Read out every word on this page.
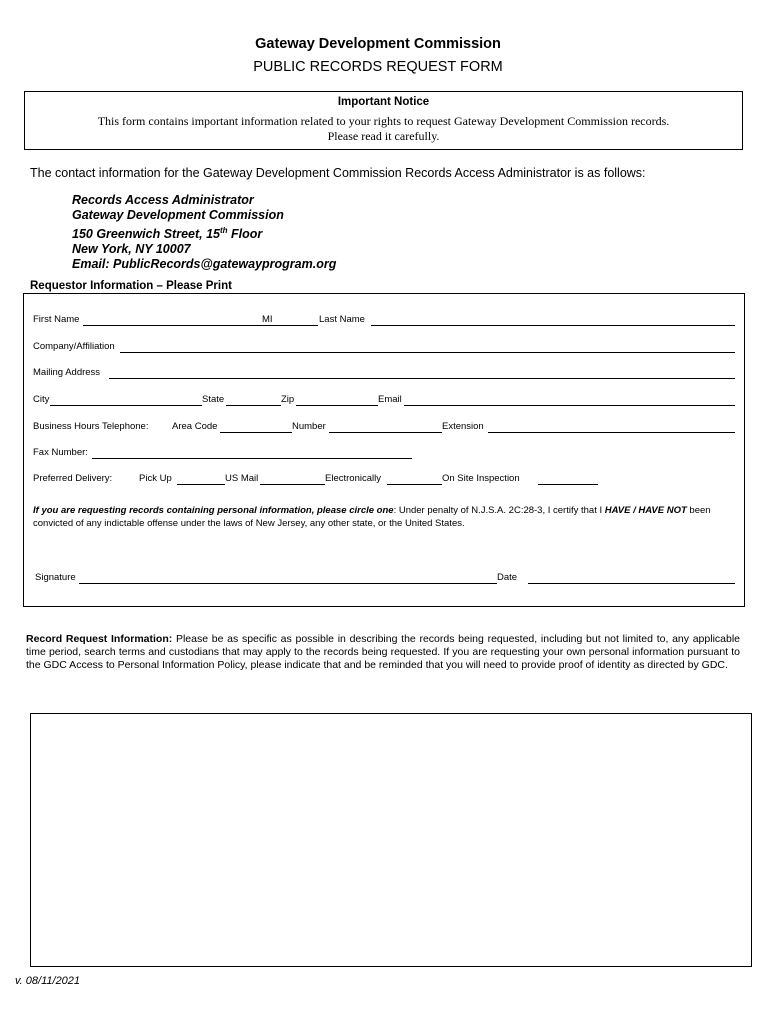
Gateway Development Commission
PUBLIC RECORDS REQUEST FORM
Important Notice
This form contains important information related to your rights to request Gateway Development Commission records.
Please read it carefully.
The contact information for the Gateway Development Commission Records Access Administrator is as follows:
Records Access Administrator
Gateway Development Commission
150 Greenwich Street, 15th Floor
New York, NY 10007
Email: PublicRecords@gatewayprogram.org
Requestor Information – Please Print
First Name	MI	Last Name
Company/Affiliation
Mailing Address
City	State	Zip	Email
Business Hours Telephone: Area Code	Number	Extension
Fax Number:
Preferred Delivery:	Pick Up	US Mail	Electronically	On Site Inspection
If you are requesting records containing personal information, please circle one: Under penalty of N.J.S.A. 2C:28-3, I certify that I HAVE / HAVE NOT been convicted of any indictable offense under the laws of New Jersey, any other state, or the United States.
Signature	Date
Record Request Information: Please be as specific as possible in describing the records being requested, including but not limited to, any applicable time period, search terms and custodians that may apply to the records being requested. If you are requesting your own personal information pursuant to the GDC Access to Personal Information Policy, please indicate that and be reminded that you will need to provide proof of identity as directed by GDC.
v. 08/11/2021
